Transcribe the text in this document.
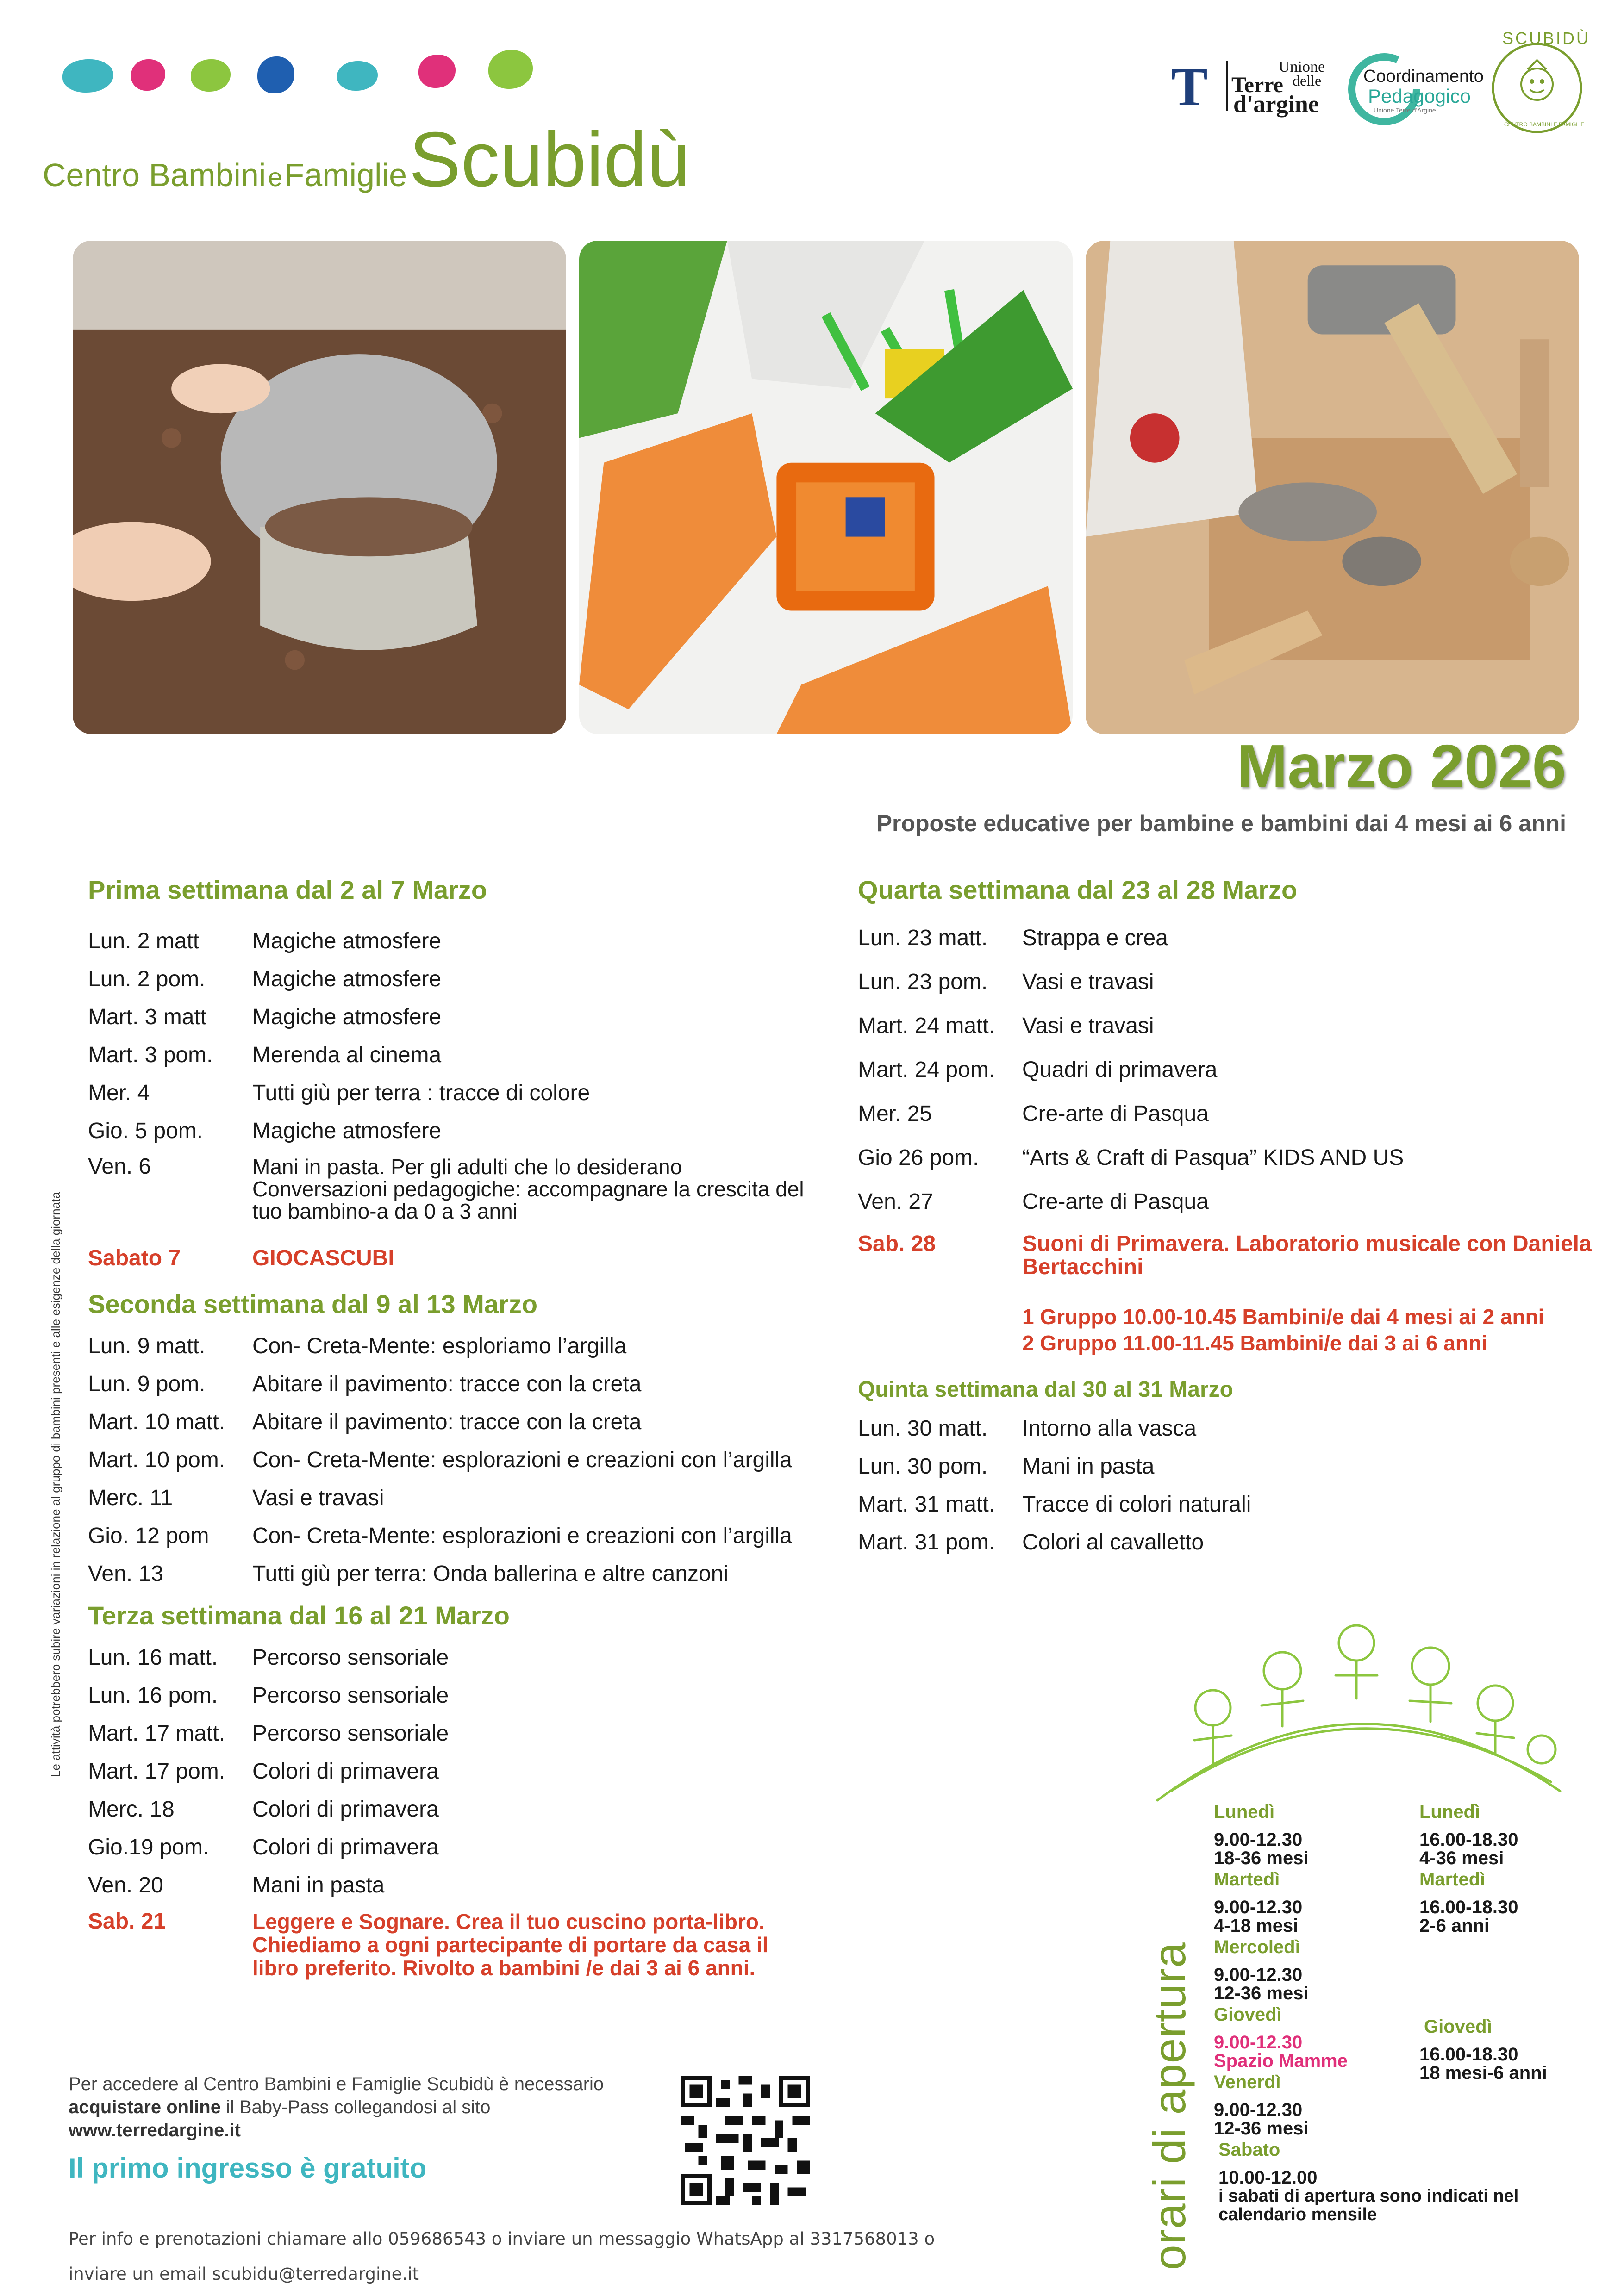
Centro Bambini e Famiglie Scubidù
T	Unione
delle
Terre
d'argine
Coordinamento
Pedagogico
Unione Terre d'Argine
SCUBIDÙ
CENTRO BAMBINI E FAMIGLIE
Marzo 2026
Proposte educative per bambine e bambini dai 4 mesi ai 6 anni
Le attività potrebbero subire variazioni in relazione al gruppo di bambini presenti e alle esigenze della giornata
Prima settimana dal 2 al 7 Marzo
Lun. 2 matt	Magiche atmosfere
Lun. 2 pom.	Magiche atmosfere
Mart. 3 matt	Magiche atmosfere
Mart. 3 pom.	Merenda al cinema
Mer. 4	Tutti giù per terra : tracce di colore
Gio. 5 pom.	Magiche atmosfere
Ven. 6	Mani in pasta. Per gli adulti che lo desiderano Conversazioni pedagogiche: accompagnare la crescita del tuo bambino-a da 0 a 3 anni
Sabato 7	GIOCASCUBI
Seconda settimana dal 9 al 13 Marzo
Lun. 9 matt.	Con- Creta-Mente: esploriamo l’argilla
Lun. 9 pom.	Abitare il pavimento: tracce con la creta
Mart. 10 matt.	Abitare il pavimento: tracce con la creta
Mart. 10 pom.	Con- Creta-Mente: esplorazioni e creazioni con l’argilla
Merc. 11	Vasi e travasi
Gio. 12 pom	Con- Creta-Mente: esplorazioni e creazioni con l’argilla
Ven. 13	Tutti giù per terra: Onda ballerina e altre canzoni
Terza settimana dal 16 al 21 Marzo
Lun. 16 matt.	Percorso sensoriale
Lun. 16 pom.	Percorso sensoriale
Mart. 17 matt.	Percorso sensoriale
Mart. 17 pom.	Colori di primavera
Merc. 18	Colori di primavera
Gio.19 pom.	Colori di primavera
Ven. 20	Mani in pasta
Sab. 21	Leggere e Sognare. Crea il tuo cuscino porta-libro. Chiediamo a ogni partecipante di portare da casa il libro preferito. Rivolto a bambini /e dai 3 ai 6 anni.
Quarta settimana dal 23 al 28 Marzo
Lun. 23 matt.	Strappa e crea
Lun. 23 pom.	Vasi e travasi
Mart. 24 matt.	Vasi e travasi
Mart. 24 pom.	Quadri di primavera
Mer. 25	Cre-arte di Pasqua
Gio 26 pom.	“Arts & Craft di Pasqua” KIDS AND US
Ven. 27	Cre-arte di Pasqua
Sab. 28	Suoni di Primavera. Laboratorio musicale con Daniela Bertacchini
1 Gruppo 10.00-10.45 Bambini/e dai 4 mesi ai 2 anni
2 Gruppo 11.00-11.45 Bambini/e dai 3 ai 6 anni
Quinta settimana dal 30 al 31 Marzo
Lun. 30 matt.	Intorno alla vasca
Lun. 30 pom.	Mani in pasta
Mart. 31 matt.	Tracce di colori naturali
Mart. 31 pom.	Colori al cavalletto
orari di apertura
Lunedì
9.00-12.30
18-36 mesi
Martedì
9.00-12.30
4-18 mesi
Mercoledì
9.00-12.30
12-36 mesi
Giovedì
9.00-12.30
Spazio Mamme
Venerdì
9.00-12.30
12-36 mesi
Sabato
10.00-12.00
i sabati di apertura sono indicati nel calendario mensile
Lunedì
16.00-18.30
4-36 mesi
Martedì
16.00-18.30
2-6 anni
Giovedì
16.00-18.30
18 mesi-6 anni
Per accedere al Centro Bambini e Famiglie Scubidù è necessario
acquistare online il Baby-Pass collegandosi al sito
www.terredargine.it
Il primo ingresso è gratuito
Per info e prenotazioni chiamare allo 059686543 o inviare un messaggio WhatsApp al 3317568013 o
inviare un email scubidu@terredargine.it
